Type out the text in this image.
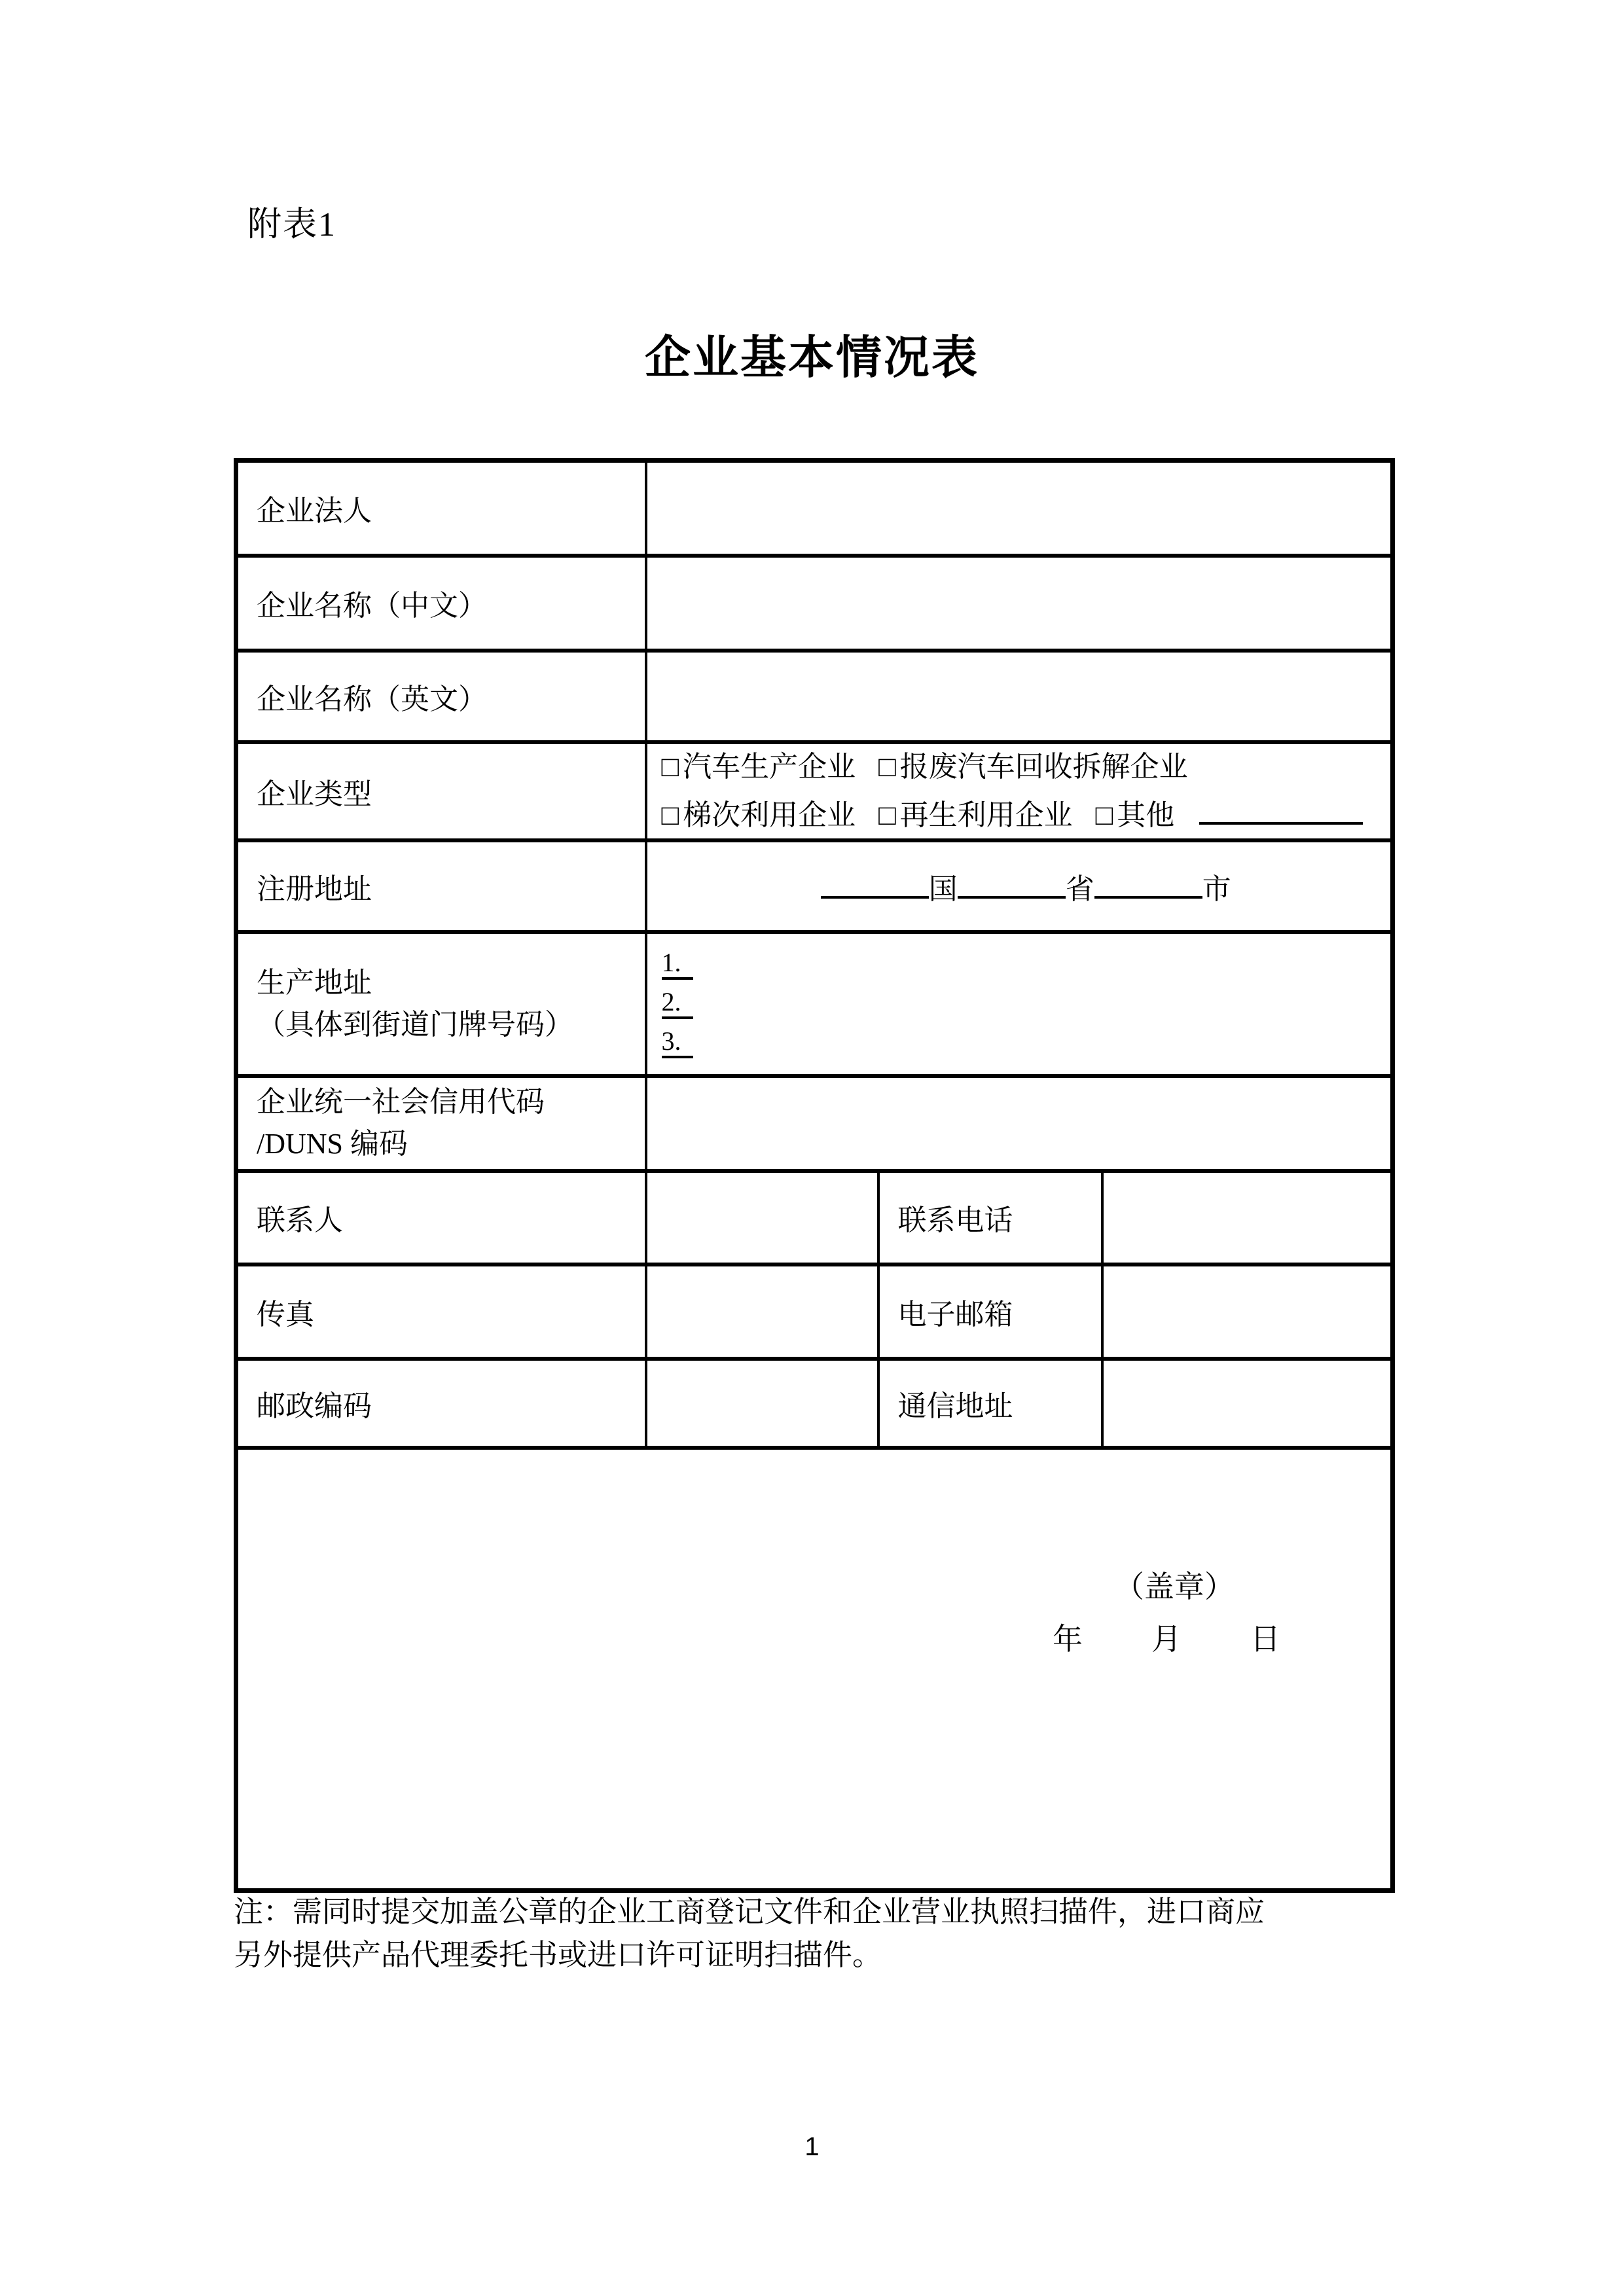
附表1
企业基本情况表
企业法人			
企业名称（中文）			
企业名称（英文）			
企业类型	□ 汽车生产企业 □ 报废汽车回收拆解企业
□ 梯次利用企业 □ 再生利用企业 □ 其他		

注册地址	国 省 市		

生产地址
（具体到街道门牌号码）

1.
2.
3.

企业统一社会信用代码
/DUNS 编码			

联系人		联系电话	
传真		电子邮箱	
邮政编码		通信地址	

（盖章）
年 月 日			
注：需同时提交加盖公章的企业工商登记文件和企业营业执照扫描件，进口商应
另外提供产品代理委托书或进口许可证明扫描件。
1
